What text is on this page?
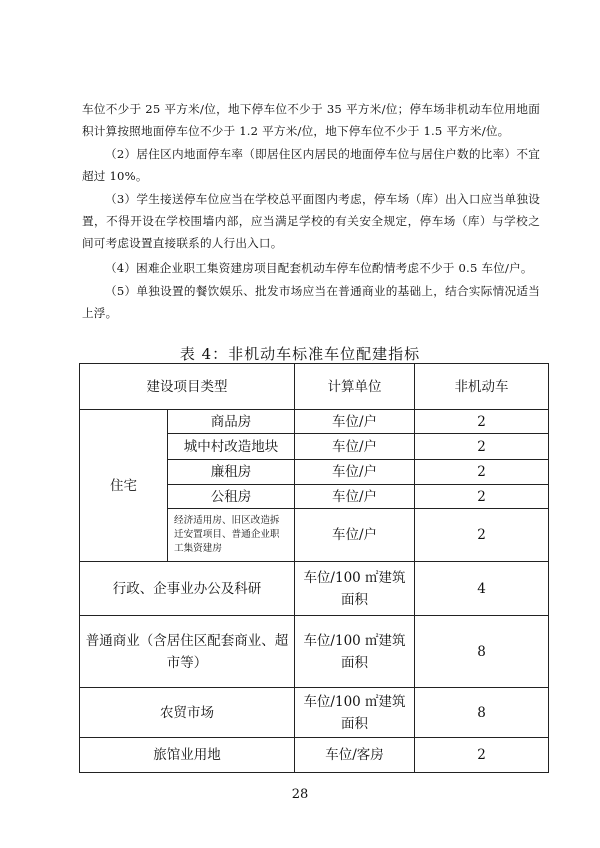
车位不少于 25 平方米/位，地下停车位不少于 35 平方米/位；停车场非机动车位用地面积计算按照地面停车位不少于 1.2 平方米/位，地下停车位不少于 1.5 平方米/位。

（2）居住区内地面停车率（即居住区内居民的地面停车位与居住户数的比率）不宜超过 10%。

（3）学生接送停车位应当在学校总平面图内考虑，停车场（库）出入口应当单独设置，不得开设在学校围墙内部，应当满足学校的有关安全规定，停车场（库）与学校之间可考虑设置直接联系的人行出入口。

（4）困难企业职工集资建房项目配套机动车停车位酌情考虑不少于 0.5 车位/户。

（5）单独设置的餐饮娱乐、批发市场应当在普通商业的基础上，结合实际情况适当上浮。

表 4：非机动车标准车位配建指标
建设项目类型		计算单位	非机动车
住宅	商品房	车位/户	2
	城中村改造地块	车位/户	2
	廉租房	车位/户	2
	公租房	车位/户	2
	经济适用房、旧区改造拆迁安置项目、普通企业职工集资建房	车位/户	2
行政、企事业办公及科研		车位/100 ㎡建筑面积	4
普通商业（含居住区配套商业、超市等）		车位/100 ㎡建筑面积	8
农贸市场		车位/100 ㎡建筑面积	8
旅馆业用地		车位/客房	2
28
